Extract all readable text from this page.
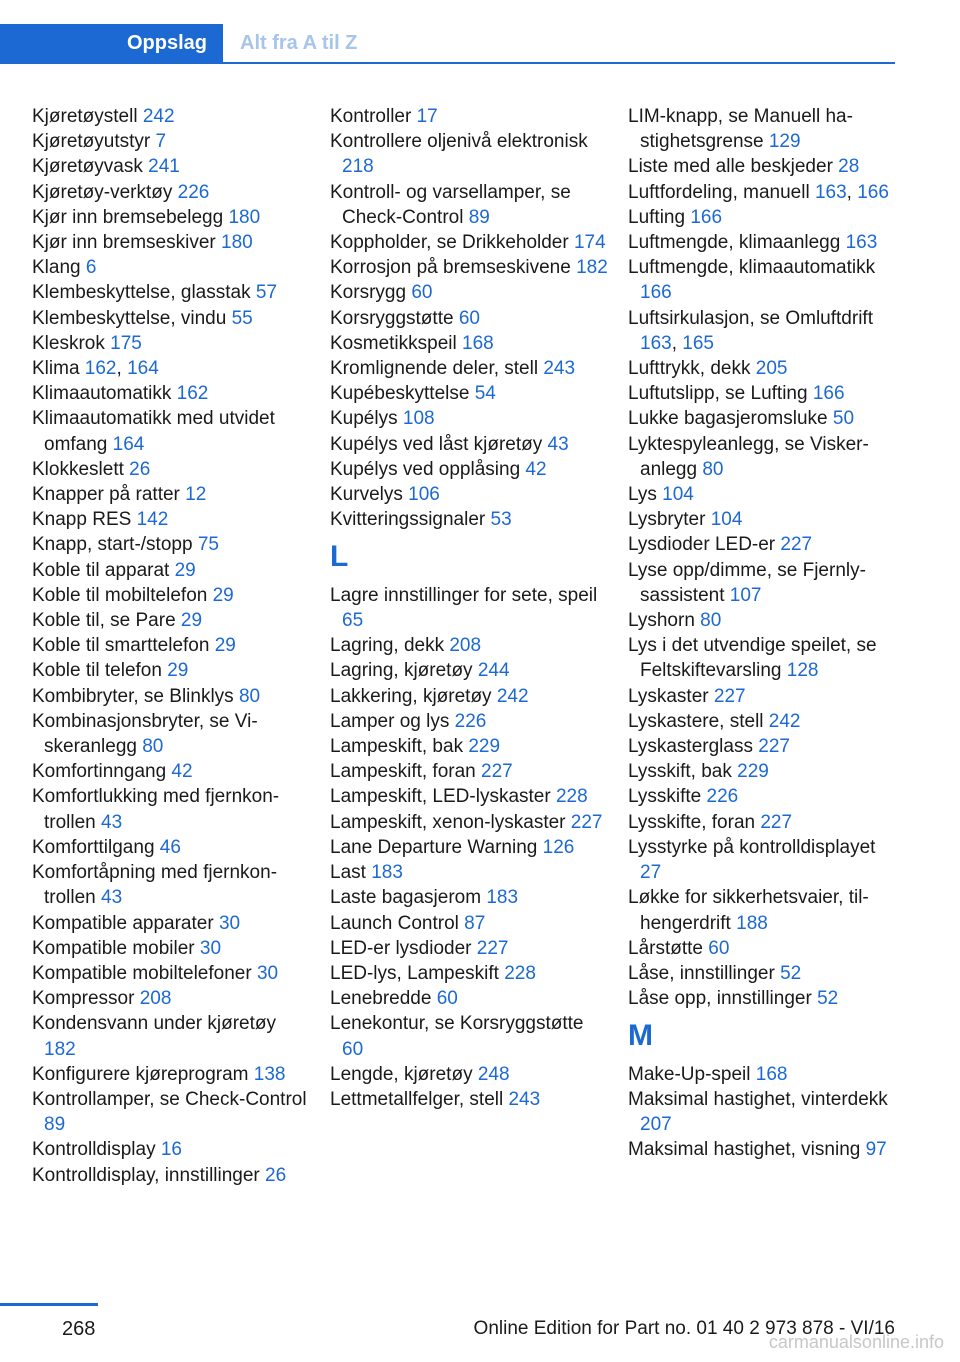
Oppslag Alt fra A til Z
Kjøretøystell 242
Kjøretøyutstyr 7
Kjøretøyvask 241
Kjøretøy-verktøy 226
Kjør inn bremsebelegg 180
Kjør inn bremseskiver 180
Klang 6
Klembeskyttelse, glasstak 57
Klembeskyttelse, vindu 55
Kleskrok 175
Klima 162, 164
Klimaautomatikk 162
Klimaautomatikk med utvidet omfang 164
Klokkeslett 26
Knapper på ratter 12
Knapp RES 142
Knapp, start-/stopp 75
Koble til apparat 29
Koble til mobiltelefon 29
Koble til, se Pare 29
Koble til smarttelefon 29
Koble til telefon 29
Kombibryter, se Blinklys 80
Kombinasjonsbryter, se Viskeranlegg 80
Komfortinngang 42
Komfortlukking med fjernkontrollen 43
Komforttilgang 46
Komfortåpning med fjernkontrollen 43
Kompatible apparater 30
Kompatible mobiler 30
Kompatible mobiltelefoner 30
Kompressor 208
Kondensvann under kjøretøy 182
Konfigurere kjøreprogram 138
Kontrollamper, se Check-Control 89
Kontrolldisplay 16
Kontrolldisplay, innstillinger 26
Kontroller 17
Kontrollere oljenivå elektronisk 218
Kontroll- og varsellamper, se Check-Control 89
Koppholder, se Drikkeholder 174
Korrosjon på bremseskivene 182
Korsrygg 60
Korsryggstøtte 60
Kosmetikkspeil 168
Kromlignende deler, stell 243
Kupébeskyttelse 54
Kupélys 108
Kupélys ved låst kjøretøy 43
Kupélys ved opplåsing 42
Kurvelys 106
Kvitteringssignaler 53
L
Lagre innstillinger for sete, speil 65
Lagring, dekk 208
Lagring, kjøretøy 244
Lakkering, kjøretøy 242
Lamper og lys 226
Lampeskift, bak 229
Lampeskift, foran 227
Lampeskift, LED-lyskaster 228
Lampeskift, xenon-lyskaster 227
Lane Departure Warning 126
Last 183
Laste bagasjerom 183
Launch Control 87
LED-er lysdioder 227
LED-lys, Lampeskift 228
Lenebredde 60
Lenekontur, se Korsryggstøtte 60
Lengde, kjøretøy 248
Lettmetallfelger, stell 243
LIM-knapp, se Manuell hastighetsgrense 129
Liste med alle beskjeder 28
Luftfordeling, manuell 163, 166
Lufting 166
Luftmengde, klimaanlegg 163
Luftmengde, klimaautomatikk 166
Luftsirkulasjon, se Omluftdrift 163, 165
Lufttrykk, dekk 205
Luftutslipp, se Lufting 166
Lukke bagasjeromsluke 50
Lyktespyleanlegg, se Viskeranlegg 80
Lys 104
Lysbryter 104
Lysdioder LED-er 227
Lyse opp/dimme, se Fjernlysassistent 107
Lyshorn 80
Lys i det utvendige speilet, se Feltskiftevarsling 128
Lyskaster 227
Lyskastere, stell 242
Lyskasterglass 227
Lysskift, bak 229
Lysskifte 226
Lysskifte, foran 227
Lysstyrke på kontrolldisplayet 27
Løkke for sikkerhetsvaier, tilhengerdrift 188
Lårstøtte 60
Låse, innstillinger 52
Låse opp, innstillinger 52
M
Make-Up-speil 168
Maksimal hastighet, vinterdekk 207
Maksimal hastighet, visning 97
268	Online Edition for Part no. 01 40 2 973 878 - VI/16
carmanualsonline.info
